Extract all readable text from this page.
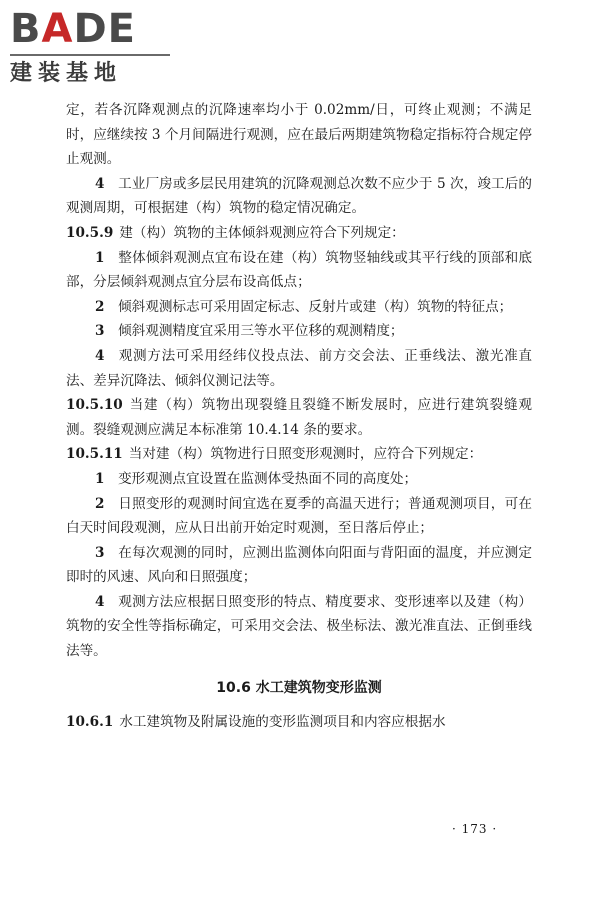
BADE
建装基地

定，若各沉降观测点的沉降速率均小于 0.02mm/日，可终止观测；不满足时，应继续按 3 个月间隔进行观测，应在最后两期建筑物稳定指标符合规定停止观测。

4  工业厂房或多层民用建筑的沉降观测总次数不应少于 5 次，竣工后的观测周期，可根据建（构）筑物的稳定情况确定。

10.5.9 建（构）筑物的主体倾斜观测应符合下列规定：

1  整体倾斜观测点宜布设在建（构）筑物竖轴线或其平行线的顶部和底部，分层倾斜观测点宜分层布设高低点；

2  倾斜观测标志可采用固定标志、反射片或建（构）筑物的特征点；

3  倾斜观测精度宜采用三等水平位移的观测精度；

4  观测方法可采用经纬仪投点法、前方交会法、正垂线法、激光准直法、差异沉降法、倾斜仪测记法等。

10.5.10 当建（构）筑物出现裂缝且裂缝不断发展时，应进行建筑裂缝观测。裂缝观测应满足本标准第 10.4.14 条的要求。

10.5.11 当对建（构）筑物进行日照变形观测时，应符合下列规定：

1  变形观测点宜设置在监测体受热面不同的高度处；

2  日照变形的观测时间宜选在夏季的高温天进行；普通观测项目，可在白天时间段观测，应从日出前开始定时观测，至日落后停止；

3  在每次观测的同时，应测出监测体向阳面与背阳面的温度，并应测定即时的风速、风向和日照强度；

4  观测方法应根据日照变形的特点、精度要求、变形速率以及建（构）筑物的安全性等指标确定，可采用交会法、极坐标法、激光准直法、正倒垂线法等。

10.6 水工建筑物变形监测

10.6.1 水工建筑物及附属设施的变形监测项目和内容应根据水

· 173 ·
